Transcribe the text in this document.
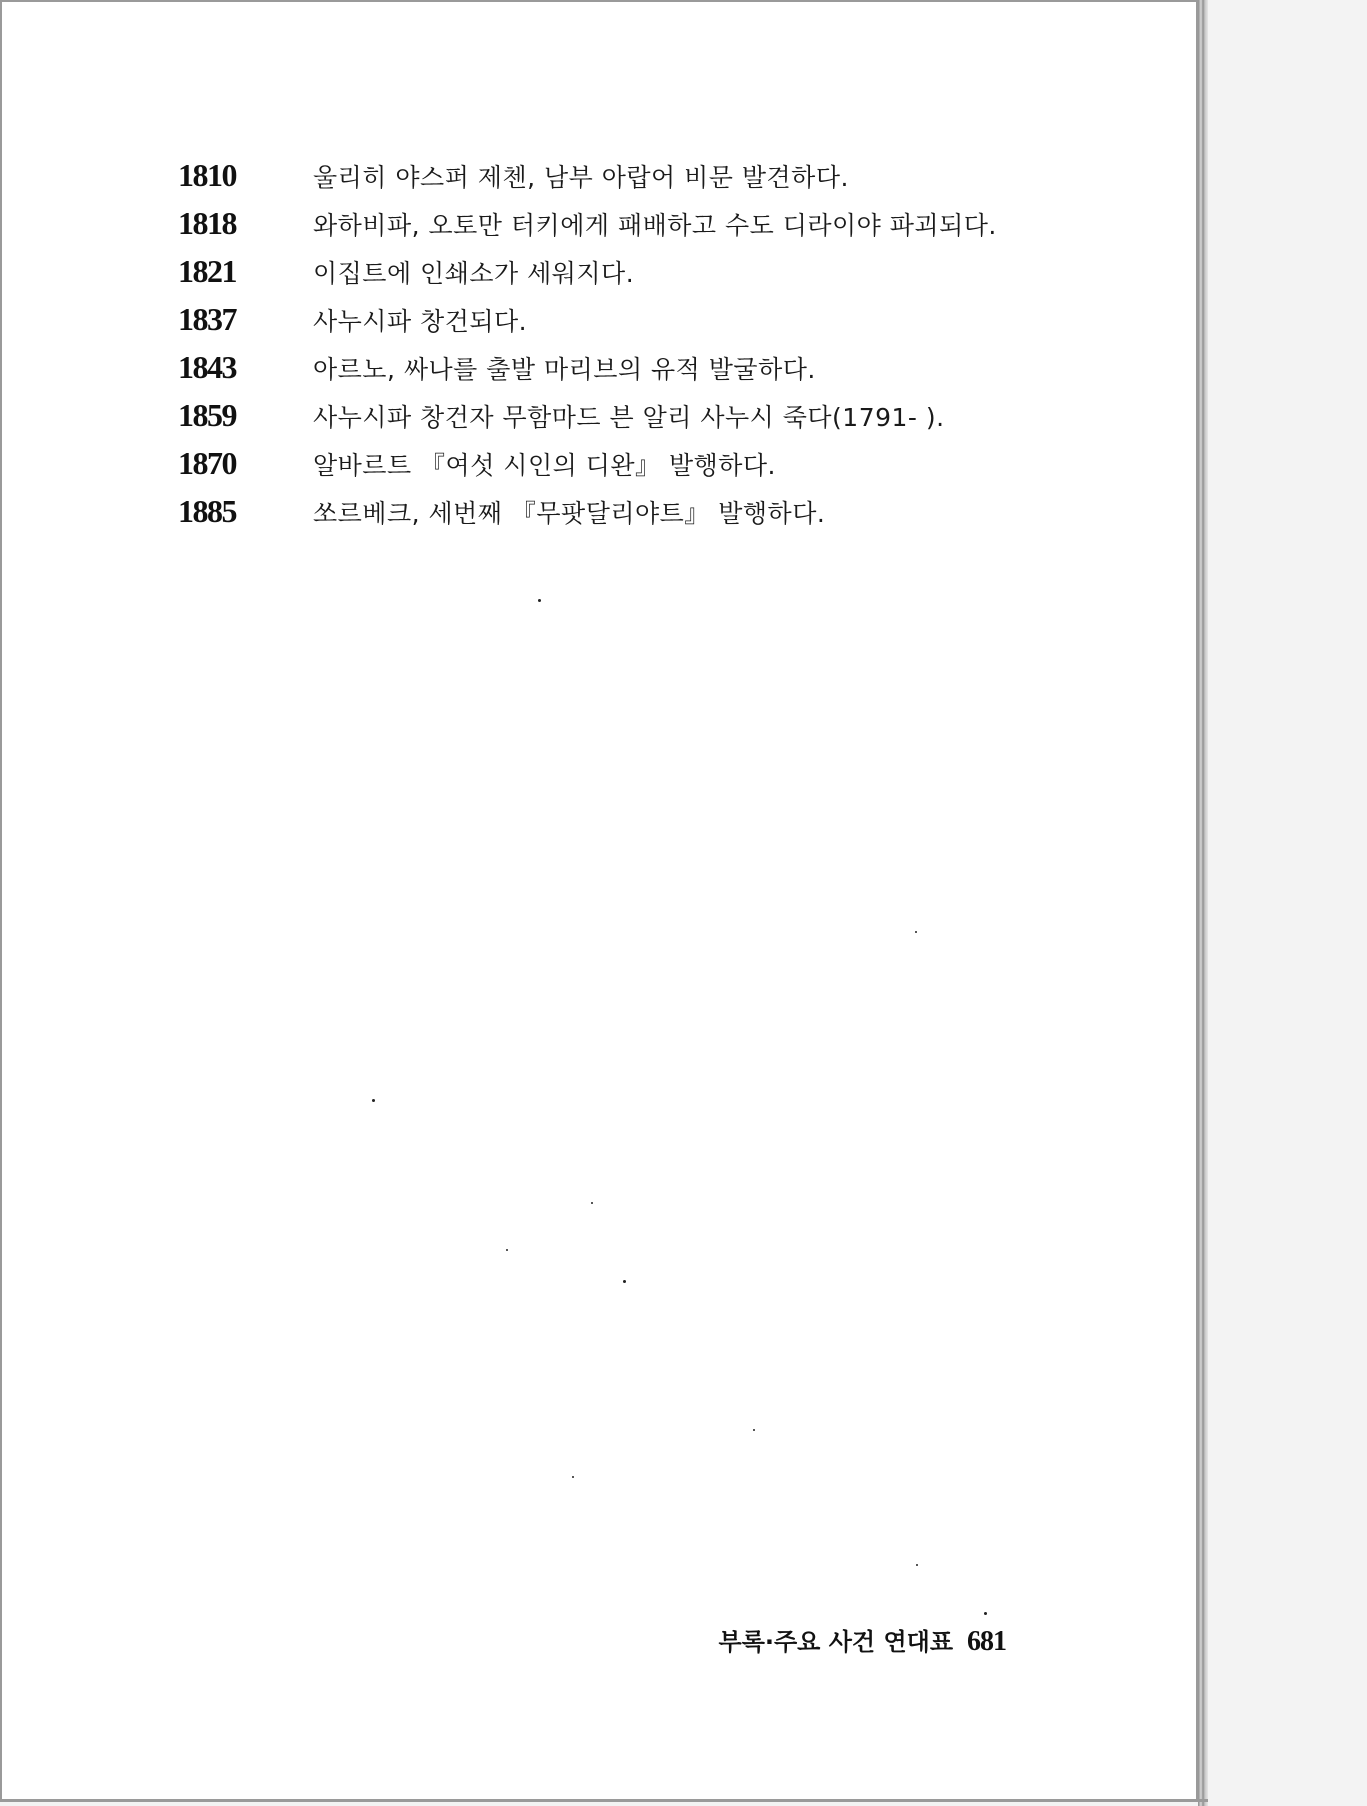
1810	울리히 야스퍼 제첸, 남부 아랍어 비문 발견하다.
1818	와하비파, 오토만 터키에게 패배하고 수도 디라이야 파괴되다.
1821	이집트에 인쇄소가 세워지다.
1837	사누시파 창건되다.
1843	아르노, 싸나를 출발 마리브의 유적 발굴하다.
1859	사누시파 창건자 무함마드 븐 알리 사누시 죽다(1791- ).
1870	알바르트 『여섯 시인의 디완』 발행하다.
1885	쏘르베크, 세번째 『무팟달리야트』 발행하다.
부록·주요 사건 연대표 681
